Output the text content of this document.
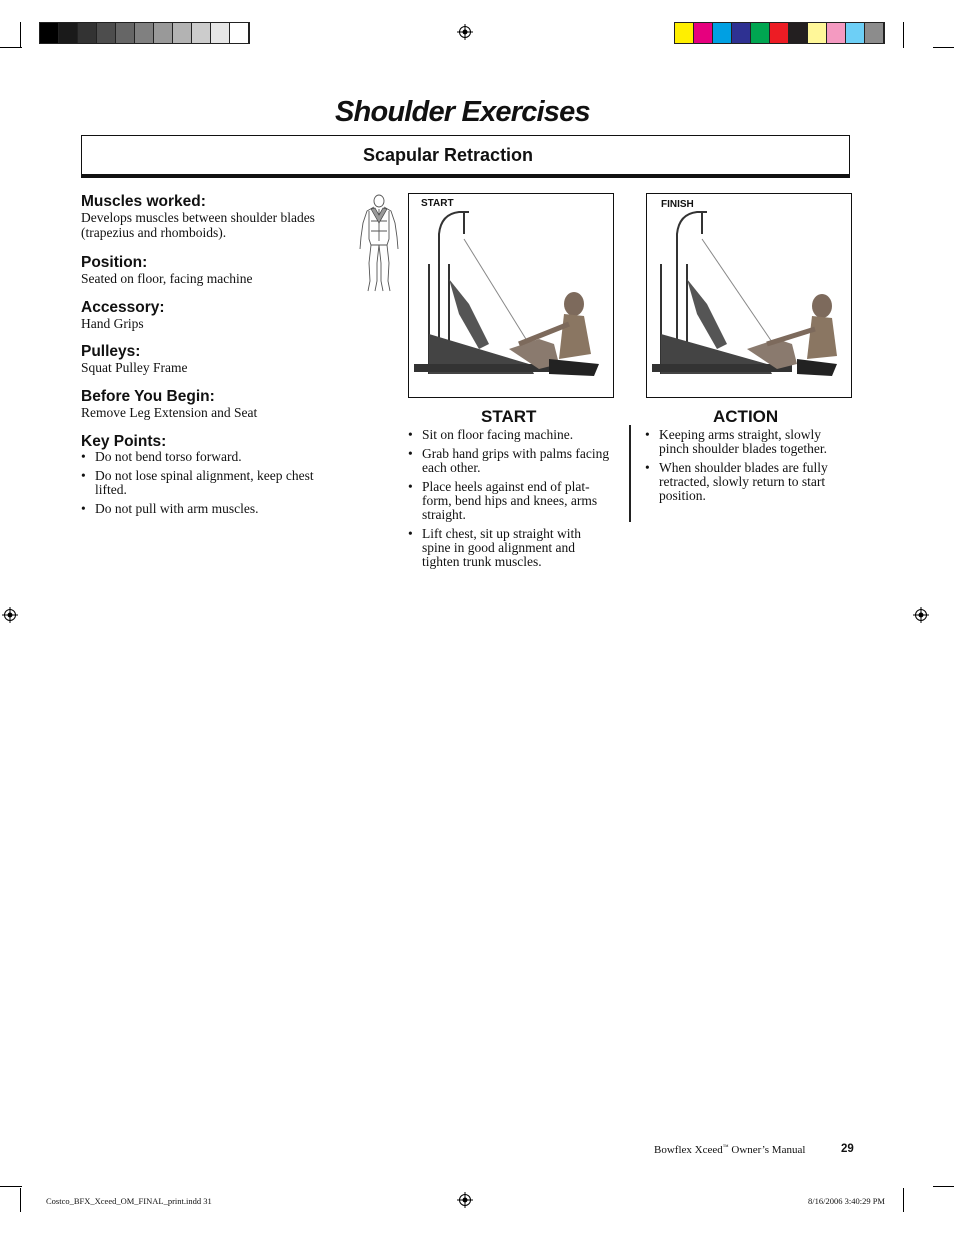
Shoulder Exercises
Scapular Retraction

Muscles worked:

Develops muscles between shoulder blades (trapezius and rhomboids).

Position:

Seated on floor, facing machine

Accessory:

Hand Grips

Pulleys:

Squat Pulley Frame

Before You Begin:

Remove Leg Extension and Seat

Key Points:

• Do not bend torso forward.
• Do not lose spinal alignment, keep chest lifted.
• Do not pull with arm muscles.
START	FINISH
START
• Sit on floor facing machine.
• Grab hand grips with palms facing each other.
• Place heels against end of plat- form, bend hips and knees, arms straight.
• Lift chest, sit up straight with spine in good alignment and tighten trunk muscles.
ACTION
• Keeping arms straight, slowly pinch shoulder blades together.
• When shoulder blades are fully retracted, slowly return to start position.
Bowflex Xceed™ Owner’s Manual	29
Costco_BFX_Xceed_OM_FINAL_print.indd 31	8/16/2006 3:40:29 PM
